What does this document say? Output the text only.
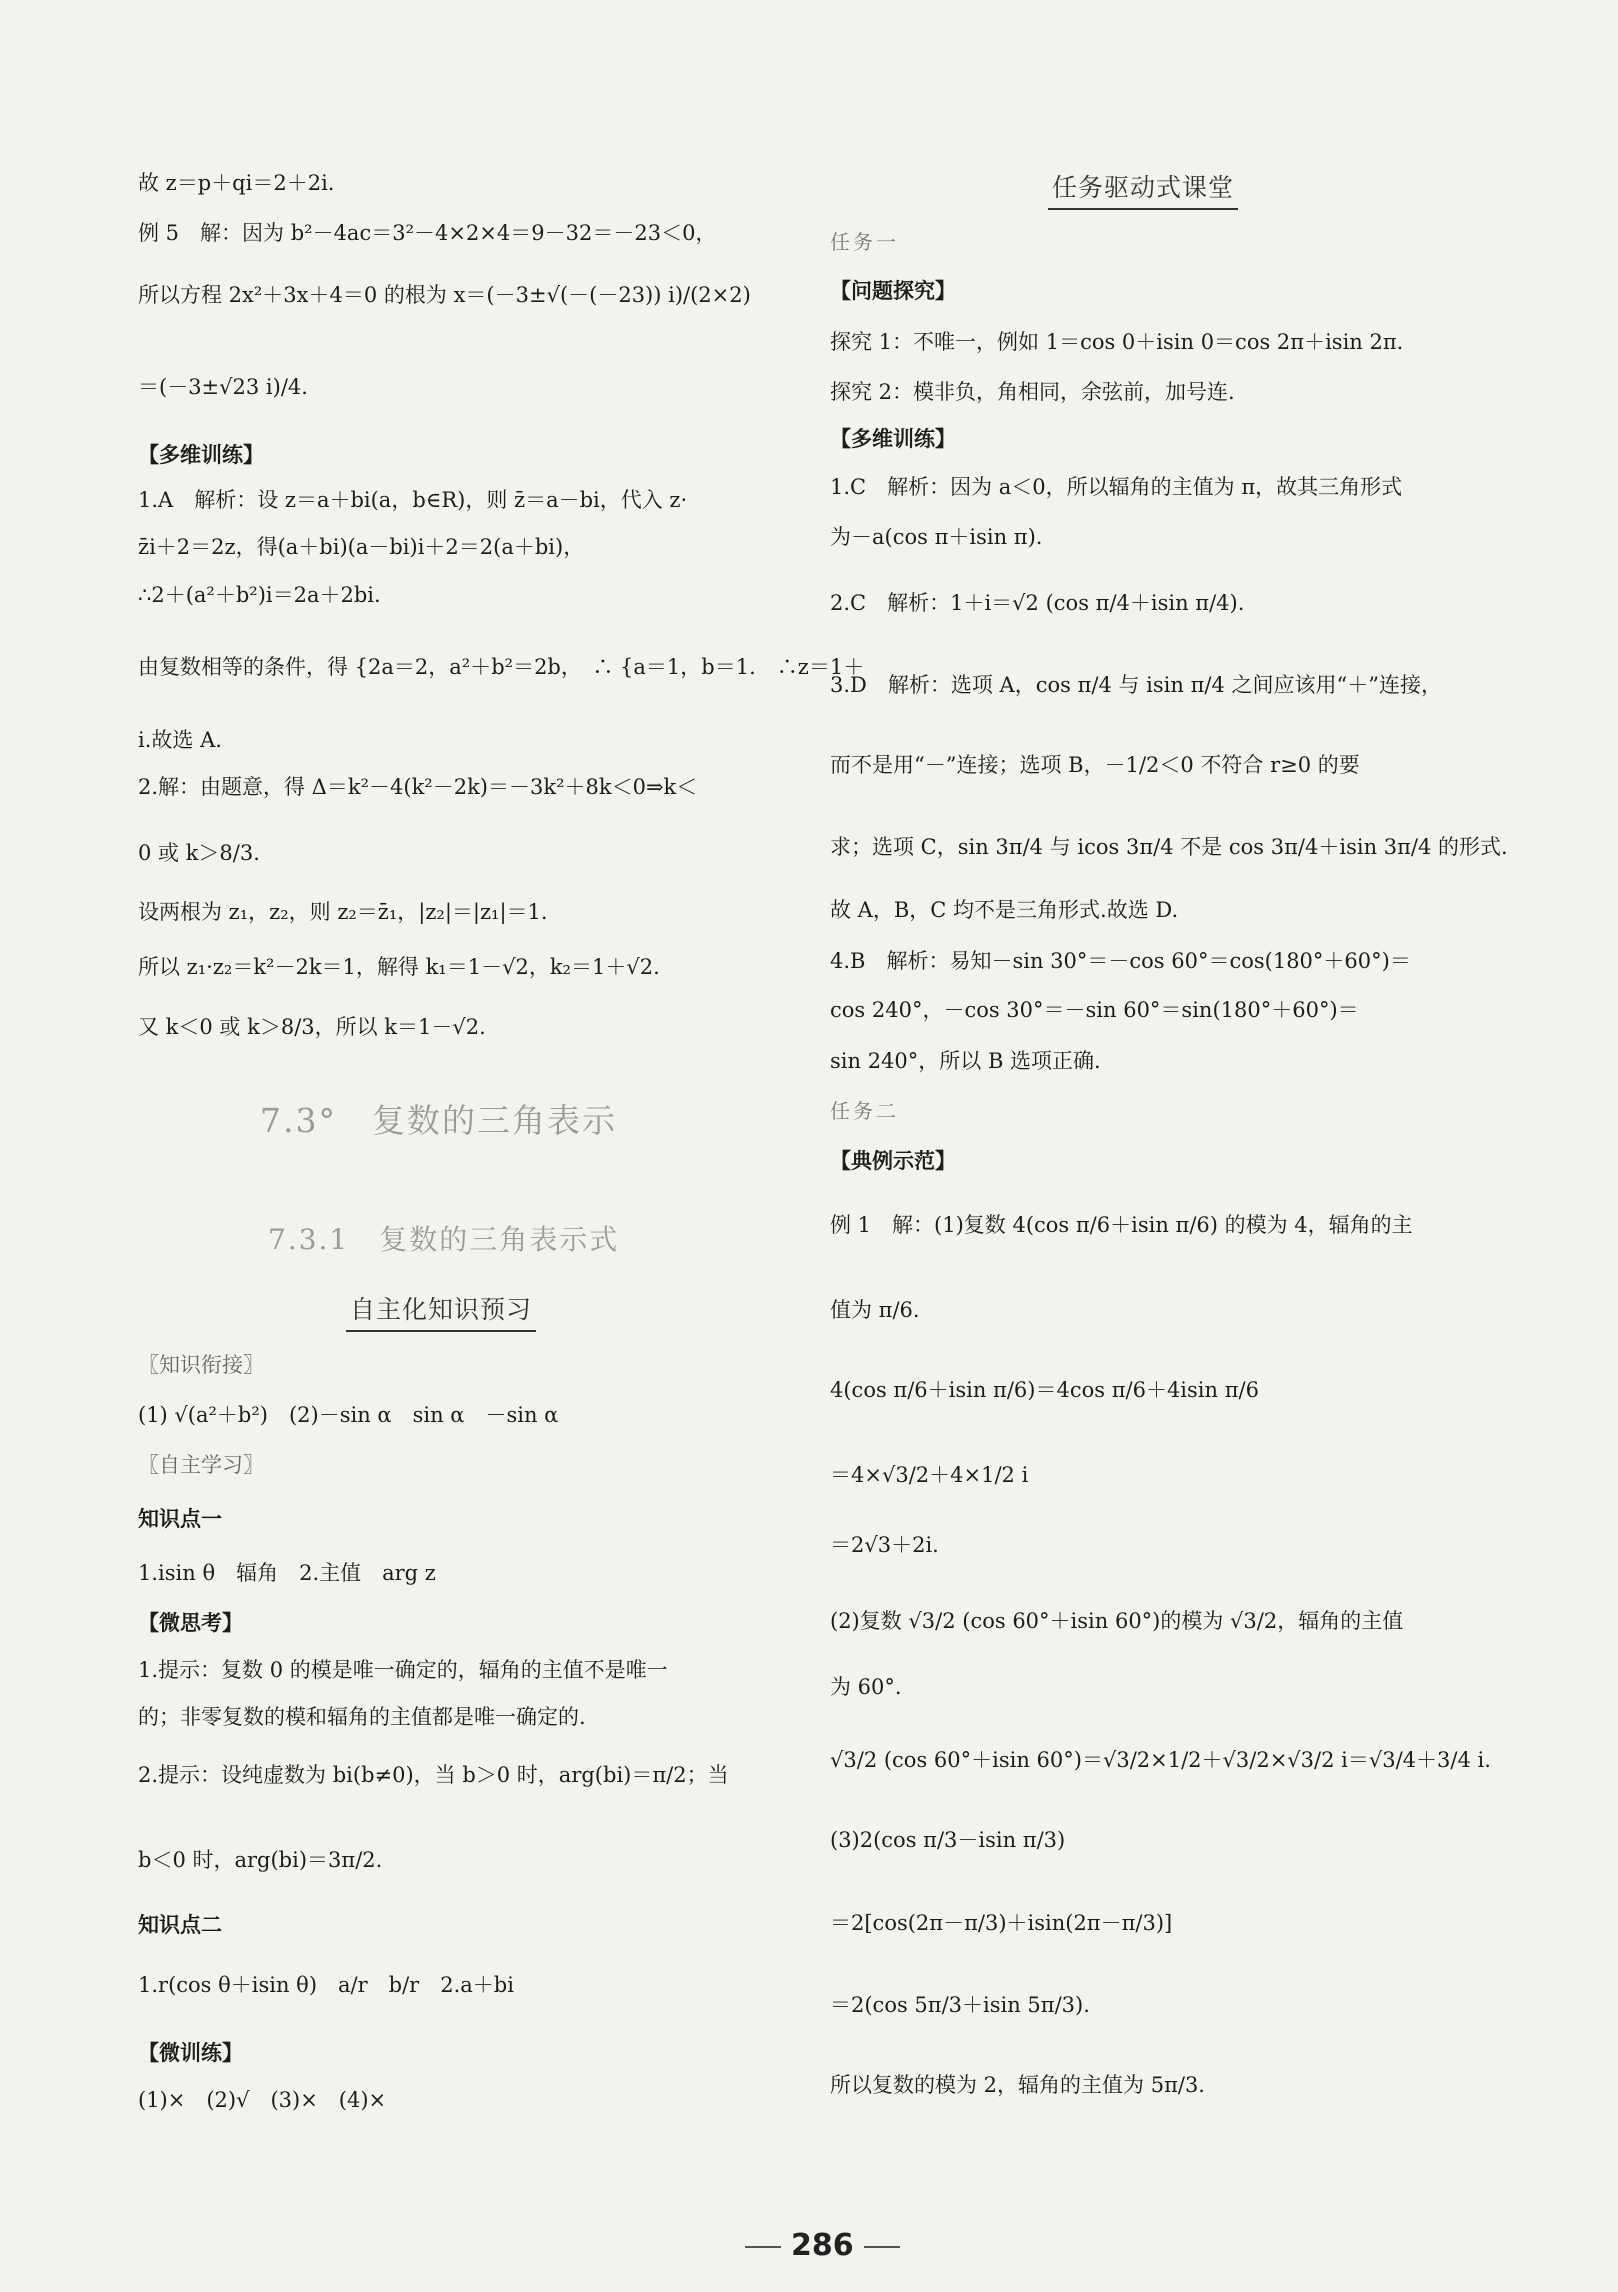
故 z＝p＋qi＝2＋2i.
例 5　解：因为 b²－4ac＝3²－4×2×4＝9－32＝－23＜0，
所以方程 2x²＋3x＋4＝0 的根为 x＝(－3±√(－(－23)) i)/(2×2)
＝(－3±√23 i)/4.
【多维训练】
1.A　解析：设 z＝a＋bi(a，b∈R)，则 z̄＝a－bi，代入 z·
z̄i＋2＝2z，得(a＋bi)(a－bi)i＋2＝2(a＋bi)，
∴2＋(a²＋b²)i＝2a＋2bi.
由复数相等的条件，得 {2a＝2，a²＋b²＝2b，　∴ {a＝1，b＝1.　∴z＝1＋
i.故选 A.
2.解：由题意，得 Δ＝k²－4(k²－2k)＝－3k²＋8k＜0⇒k＜
0 或 k＞8/3.
设两根为 z₁，z₂，则 z₂＝z̄₁，|z₂|＝|z₁|＝1.
所以 z₁·z₂＝k²－2k＝1，解得 k₁＝1－√2，k₂＝1＋√2.
又 k＜0 或 k＞8/3，所以 k＝1－√2.
7.3°　复数的三角表示
7.3.1　复数的三角表示式
自主化知识预习
〖知识衔接〗
(1) √(a²＋b²)　(2)－sin α　sin α　－sin α
〖自主学习〗
知识点一
1.isin θ　辐角　2.主值　arg z
【微思考】
1.提示：复数 0 的模是唯一确定的，辐角的主值不是唯一
的；非零复数的模和辐角的主值都是唯一确定的.
2.提示：设纯虚数为 bi(b≠0)，当 b＞0 时，arg(bi)＝π/2；当
b＜0 时，arg(bi)＝3π/2.
知识点二
1.r(cos θ＋isin θ)　a/r　b/r　2.a＋bi
【微训练】
(1)×　(2)√　(3)×　(4)×
任务驱动式课堂
任务一
【问题探究】
探究 1：不唯一，例如 1＝cos 0＋isin 0＝cos 2π＋isin 2π.
探究 2：模非负，角相同，余弦前，加号连.
【多维训练】
1.C　解析：因为 a＜0，所以辐角的主值为 π，故其三角形式
为－a(cos π＋isin π).
2.C　解析：1＋i＝√2 (cos π/4＋isin π/4).
3.D　解析：选项 A，cos π/4 与 isin π/4 之间应该用“＋”连接，
而不是用“－”连接；选项 B，－1/2＜0 不符合 r≥0 的要
求；选项 C，sin 3π/4 与 icos 3π/4 不是 cos 3π/4＋isin 3π/4 的形式.
故 A，B，C 均不是三角形式.故选 D.
4.B　解析：易知－sin 30°＝－cos 60°＝cos(180°＋60°)＝
cos 240°，－cos 30°＝－sin 60°＝sin(180°＋60°)＝
sin 240°，所以 B 选项正确.
任务二
【典例示范】
例 1　解：(1)复数 4(cos π/6＋isin π/6) 的模为 4，辐角的主
值为 π/6.
4(cos π/6＋isin π/6)＝4cos π/6＋4isin π/6
＝4×√3/2＋4×1/2 i
＝2√3＋2i.
(2)复数 √3/2 (cos 60°＋isin 60°)的模为 √3/2，辐角的主值
为 60°.
√3/2 (cos 60°＋isin 60°)＝√3/2×1/2＋√3/2×√3/2 i＝√3/4＋3/4 i.
(3)2(cos π/3－isin π/3)
＝2[cos(2π－π/3)＋isin(2π－π/3)]
＝2(cos 5π/3＋isin 5π/3).
所以复数的模为 2，辐角的主值为 5π/3.
286
